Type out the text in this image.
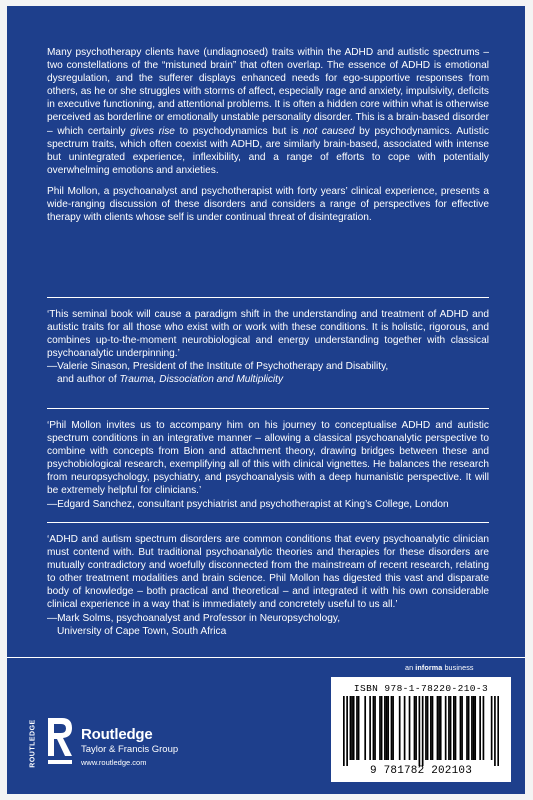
Many psychotherapy clients have (undiagnosed) traits within the ADHD and autistic spectrums – two constellations of the “mistuned brain” that often overlap. The essence of ADHD is emotional dysregulation, and the sufferer displays enhanced needs for ego-supportive responses from others, as he or she struggles with storms of affect, especially rage and anxiety, impulsivity, deficits in executive functioning, and attentional problems. It is often a hidden core within what is otherwise perceived as borderline or emotionally unstable personality disorder. This is a brain-based disorder – which certainly gives rise to psychodynamics but is not caused by psychodynamics. Autistic spectrum traits, which often coexist with ADHD, are similarly brain-based, associated with intense but unintegrated experience, inflexibility, and a range of efforts to cope with potentially overwhelming emotions and anxieties.

Phil Mollon, a psychoanalyst and psychotherapist with forty years’ clinical experience, presents a wide-ranging discussion of these disorders and considers a range of perspectives for effective therapy with clients whose self is under continual threat of disintegration.

‘This seminal book will cause a paradigm shift in the understanding and treatment of ADHD and autistic traits for all those who exist with or work with these conditions. It is holistic, rigorous, and combines up-to-the-moment neurobiological and energy understanding together with classical psychoanalytic underpinning.’

—Valerie Sinason, President of the Institute of Psychotherapy and Disability,

and author of Trauma, Dissociation and Multiplicity

‘Phil Mollon invites us to accompany him on his journey to conceptualise ADHD and autistic spectrum conditions in an integrative manner – allowing a classical psychoanalytic perspective to combine with concepts from Bion and attachment theory, drawing bridges between these and psychobiological research, exemplifying all of this with clinical vignettes. He balances the research from neuropsychology, psychiatry, and psychoanalysis with a deep humanistic perspective. It will be extremely helpful for clinicians.’

—Edgard Sanchez, consultant psychiatrist and psychotherapist at King’s College, London

‘ADHD and autism spectrum disorders are common conditions that every psychoanalytic clinician must contend with. But traditional psychoanalytic theories and therapies for these disorders are mutually contradictory and woefully disconnected from the mainstream of recent research, relating to other treatment modalities and brain science. Phil Mollon has digested this vast and disparate body of knowledge – both practical and theoretical – and integrated it with his own considerable clinical experience in a way that is immediately and concretely useful to us all.’

—Mark Solms, psychoanalyst and Professor in Neuropsychology,

University of Cape Town, South Africa

an informa business
ROUTLEDGE	Routledge
Taylor & Francis Group
www.routledge.com
ISBN 978-1-78220-210-3
9 781782 202103
